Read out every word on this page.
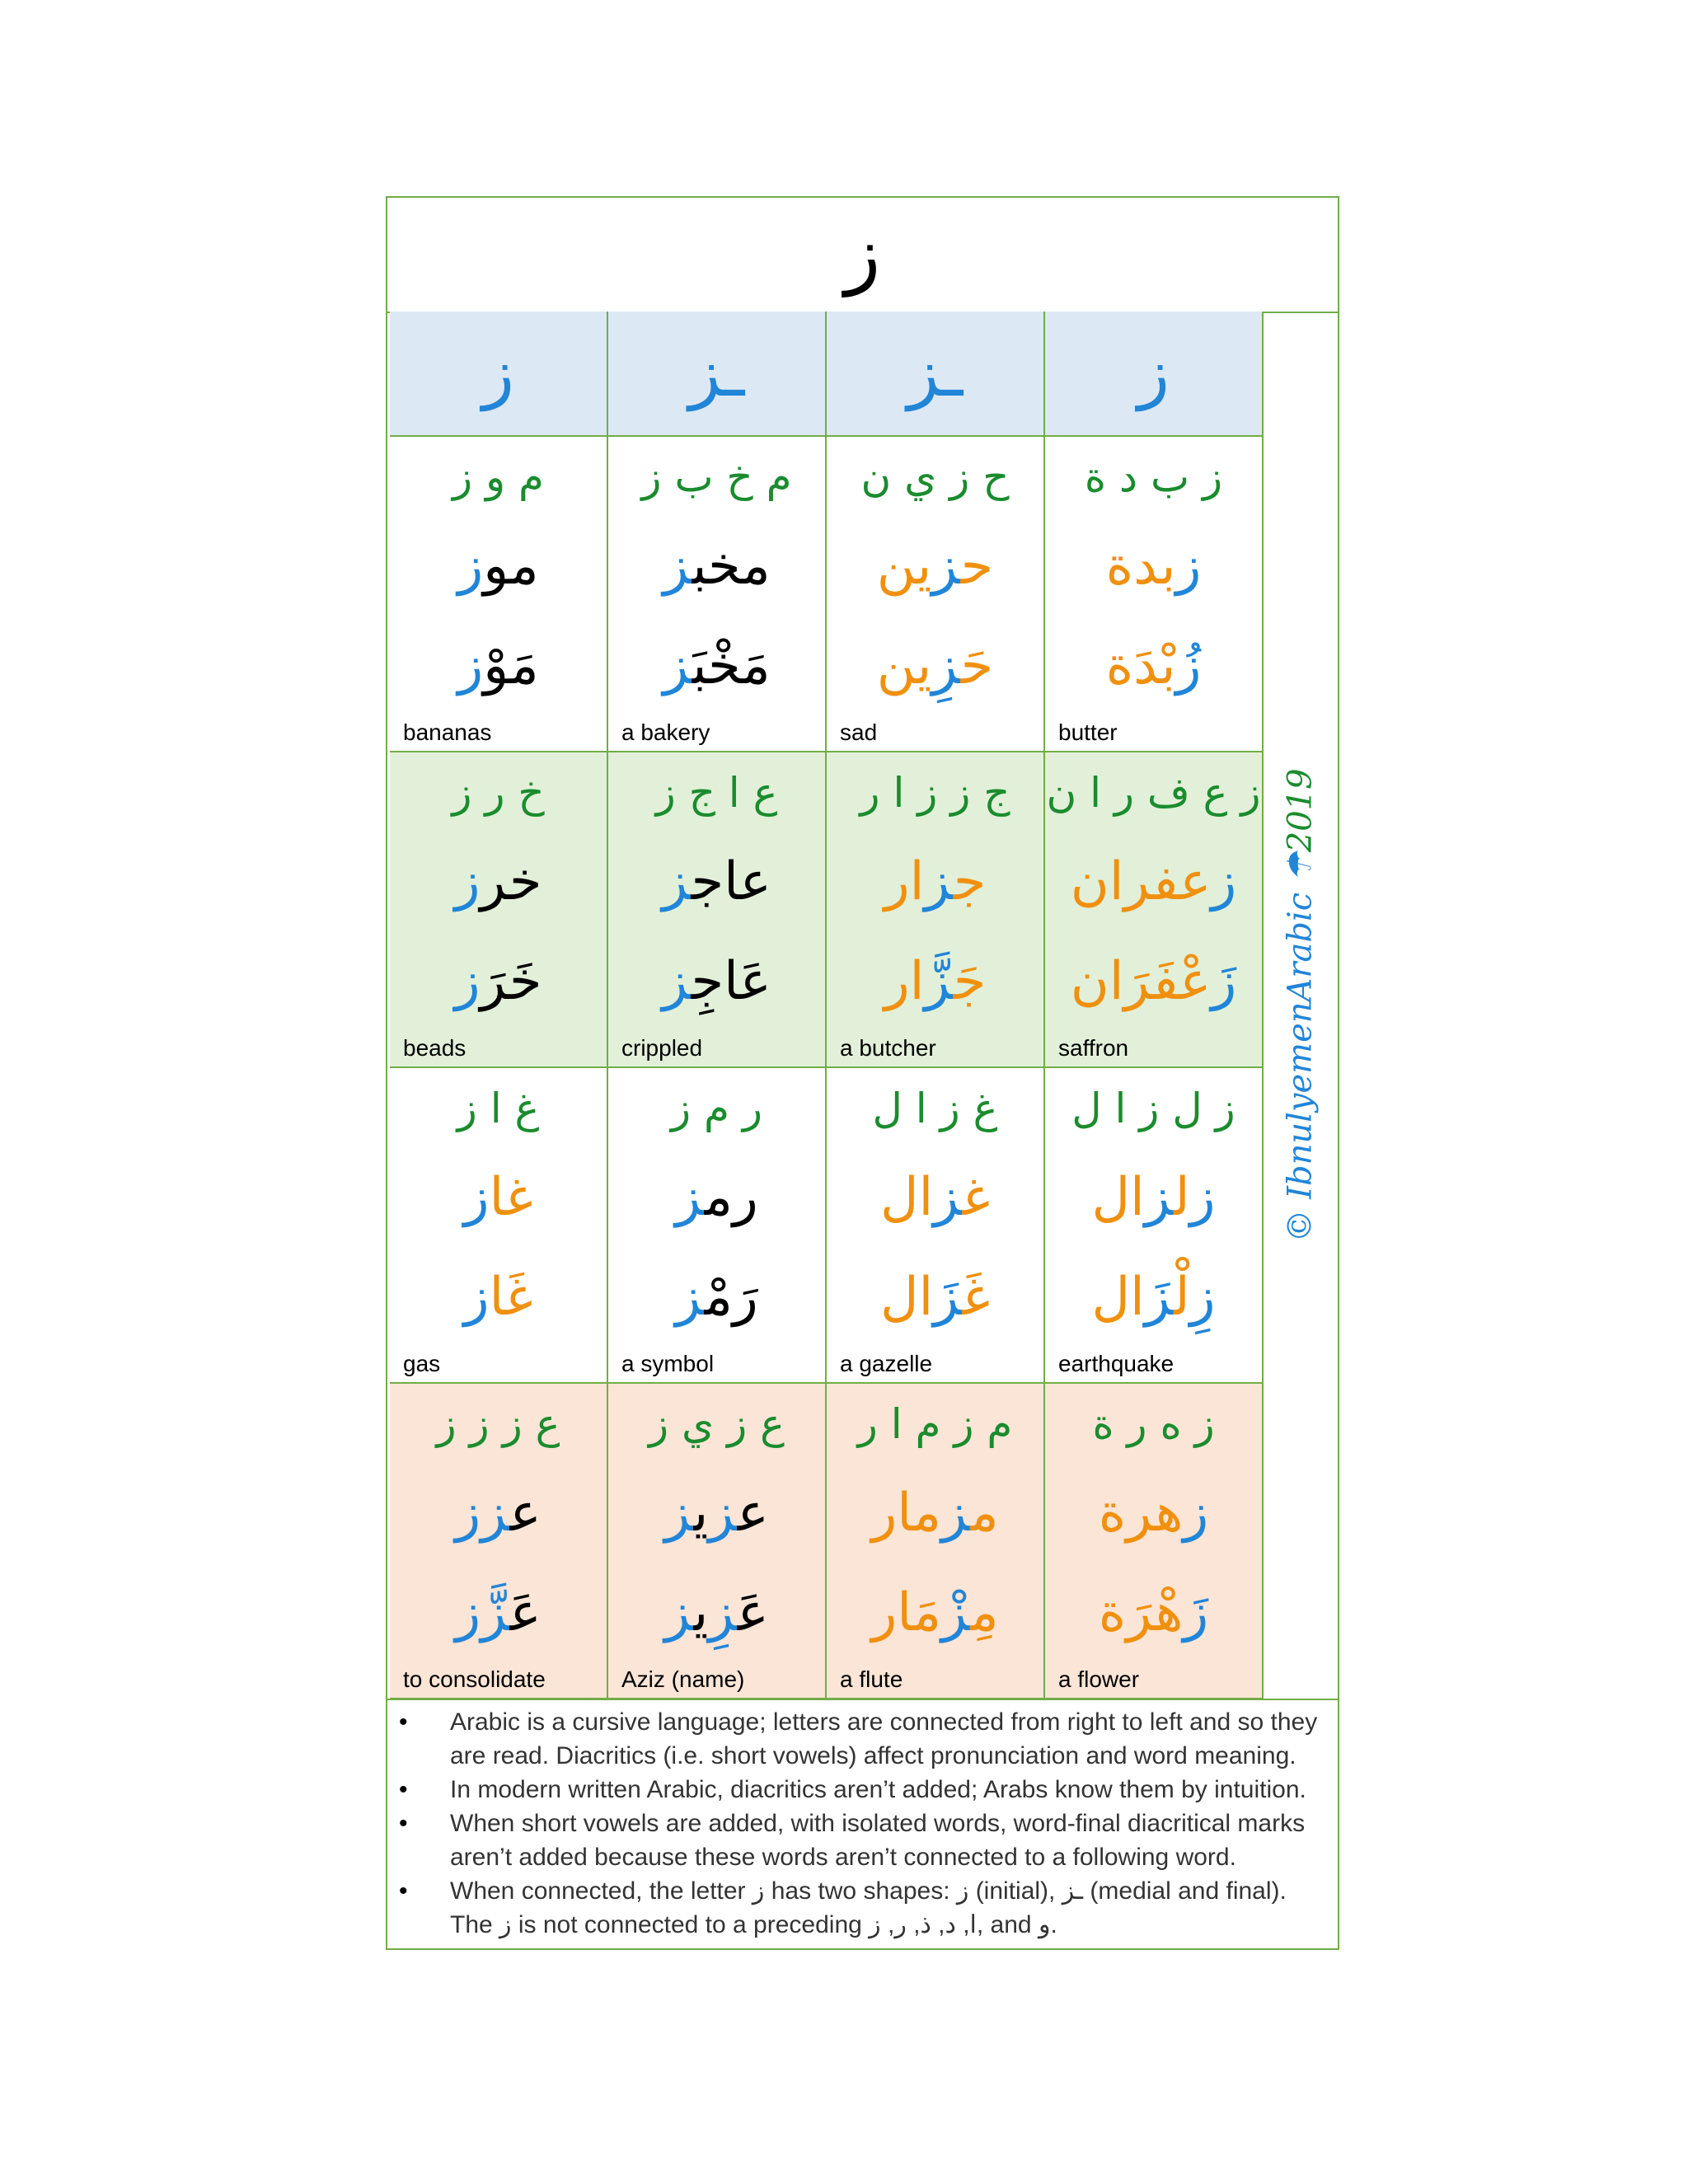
ز
ز
ـز
ـز
ز
ز ب د ة
زبدة
زُبْدَة
butter
ح ز ي ن
حزين
حَزِين
sad
م خ ب ز
مخبز
مَخْبَز
a bakery
م و ز
موز
مَوْز
bananas
ز ع ف ر ا ن
زعفران
زَعْفَرَان
saffron
ج ز ز ا ر
جزار
جَزَّار
a butcher
ع ا ج ز
عاجز
عَاجِز
crippled
خ ر ز
خرز
خَرَز
beads
ز ل ز ا ل
زلزال
زِلْزَال
earthquake
غ ز ا ل
غزال
غَزَال
a gazelle
ر م ز
رمز
رَمْز
a symbol
غ ا ز
غاز
غَاز
gas
ز ه ر ة
زهرة
زَهْرَة
a flower
م ز م ا ر
مزمار
مِزْمَار
a flute
ع ز ي ز
عزيز
عَزِيز
Aziz (name)
ع ز ز ز
عزز
عَزَّز
to consolidate
© IbnulyemenArabic ☂2019
• Arabic is a cursive language; letters are connected from right to left and so they are read. Diacritics (i.e. short vowels) affect pronunciation and word meaning.
• In modern written Arabic, diacritics aren’t added; Arabs know them by intuition.
• When short vowels are added, with isolated words, word-final diacritical marks aren’t added because these words aren’t connected to a following word.
• When connected, the letter ز has two shapes: ز (initial), ـز (medial and final). The ز is not connected to a preceding ا, د, ذ, ر, ز, and و.
